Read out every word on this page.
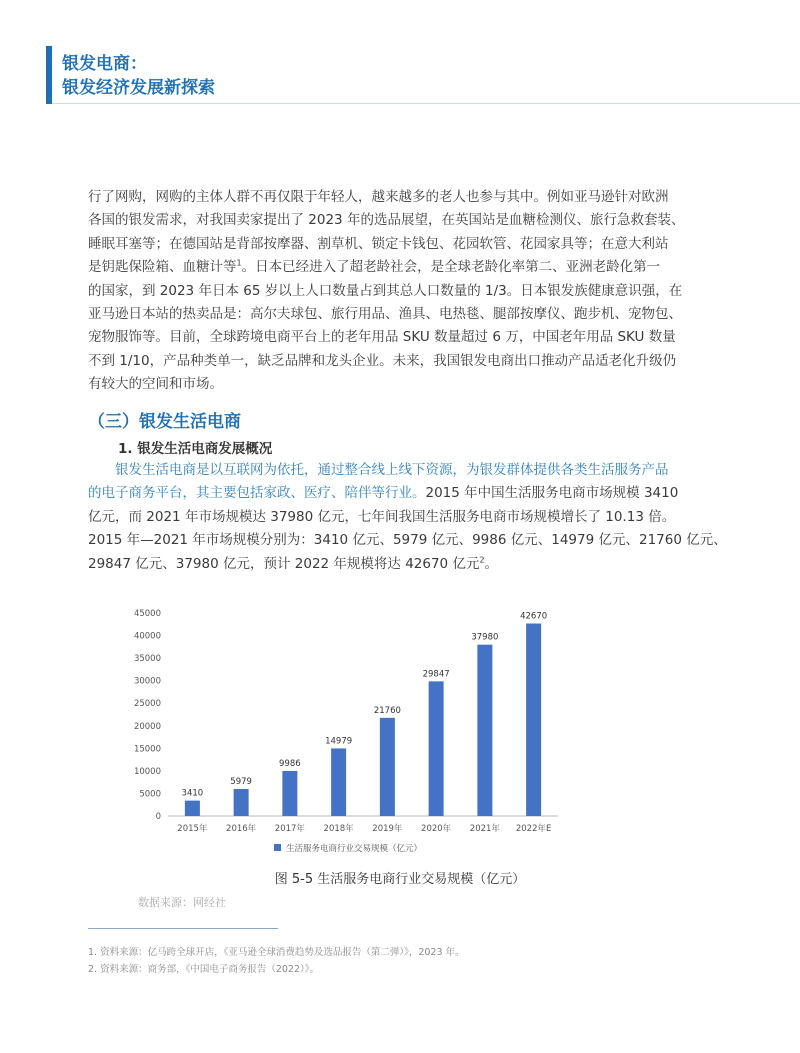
银发电商：
银发经济发展新探索
行了网购，网购的主体人群不再仅限于年轻人，越来越多的老人也参与其中。例如亚马逊针对欧洲
各国的银发需求，对我国卖家提出了 2023 年的选品展望，在英国站是血糖检测仪、旅行急救套装、
睡眠耳塞等；在德国站是背部按摩器、割草机、锁定卡钱包、花园软管、花园家具等；在意大利站
是钥匙保险箱、血糖计等$^1$。日本已经进入了超老龄社会，是全球老龄化率第二、亚洲老龄化第一
的国家，到 2023 年日本 65 岁以上人口数量占到其总人口数量的 1/3。日本银发族健康意识强，在
亚马逊日本站的热卖品是：高尔夫球包、旅行用品、渔具、电热毯、腿部按摩仪、跑步机、宠物包、
宠物服饰等。目前，全球跨境电商平台上的老年用品 SKU 数量超过 6 万，中国老年用品 SKU 数量
不到 1/10，产品种类单一，缺乏品牌和龙头企业。未来，我国银发电商出口推动产品适老化升级仍
有较大的空间和市场。
（三）银发生活电商
1. 银发生活电商发展概况
银发生活电商是以互联网为依托，通过整合线上线下资源，为银发群体提供各类生活服务产品
的电子商务平台，其主要包括家政、医疗、陪伴等行业。2015 年中国生活服务电商市场规模 3410
亿元，而 2021 年市场规模达 37980 亿元，七年间我国生活服务电商市场规模增长了 10.13 倍。
2015 年—2021 年市场规模分别为：3410 亿元、5979 亿元、9986 亿元、14979 亿元、21760 亿元、
29847 亿元、37980 亿元，预计 2022 年规模将达 42670 亿元$^2$。
0
5000
10000
15000
20000
25000
30000
35000
40000
45000
3410
2015年
5979
2016年
9986
2017年
14979
2018年
21760
2019年
29847
2020年
37980
2021年
42670
2022年E
生活服务电商行业交易规模（亿元）
图 5-5 生活服务电商行业交易规模（亿元）
数据来源：网经社
1. 资料来源：亿马跨全球开店，《亚马逊全球消费趋势及选品报告（第二弹）》，2023 年。
2. 资料来源：商务部，《中国电子商务报告（2022）》。
